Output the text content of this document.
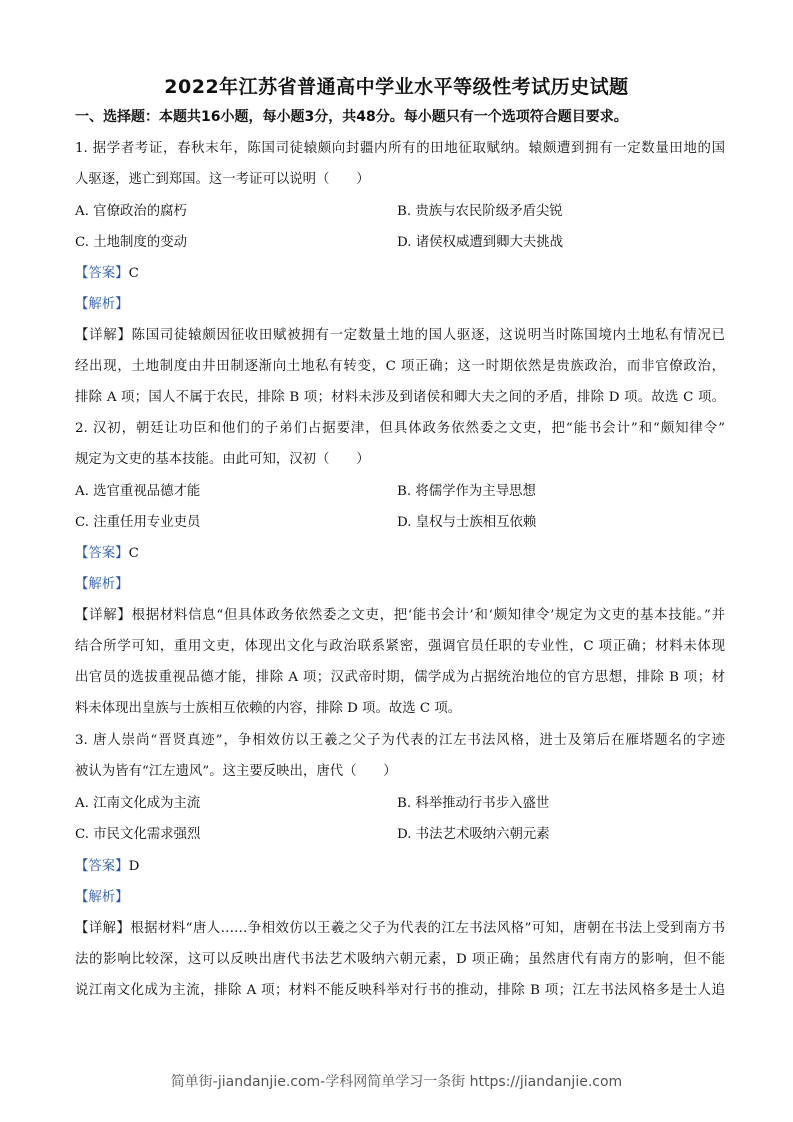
2022年江苏省普通高中学业水平等级性考试历史试题
一、选择题：本题共16小题，每小题3分，共48分。每小题只有一个选项符合题目要求。
1. 据学者考证，春秋末年，陈国司徒辕颇向封疆内所有的田地征取赋纳。辕颇遭到拥有一定数量田地的国
人驱逐，逃亡到郑国。这一考证可以说明（　　）
A. 官僚政治的腐朽	B. 贵族与农民阶级矛盾尖锐
C. 土地制度的变动	D. 诸侯权威遭到卿大夫挑战
【答案】C
【解析】
【详解】陈国司徒辕颇因征收田赋被拥有一定数量土地的国人驱逐，这说明当时陈国境内土地私有情况已
经出现，土地制度由井田制逐渐向土地私有转变，C 项正确；这一时期依然是贵族政治，而非官僚政治，
排除 A 项；国人不属于农民，排除 B 项；材料未涉及到诸侯和卿大夫之间的矛盾，排除 D 项。故选 C 项。
2. 汉初，朝廷让功臣和他们的子弟们占据要津，但具体政务依然委之文吏，把“能书会计”和“颇知律令”
规定为文吏的基本技能。由此可知，汉初（　　）
A. 选官重视品德才能	B. 将儒学作为主导思想
C. 注重任用专业吏员	D. 皇权与士族相互依赖
【答案】C
【解析】
【详解】根据材料信息“但具体政务依然委之文吏，把‘能书会计’和‘颇知律令’规定为文吏的基本技能。”并
结合所学可知，重用文吏，体现出文化与政治联系紧密，强调官员任职的专业性，C 项正确；材料未体现
出官员的选拔重视品德才能，排除 A 项；汉武帝时期，儒学成为占据统治地位的官方思想，排除 B 项；材
料未体现出皇族与士族相互依赖的内容，排除 D 项。故选 C 项。
3. 唐人崇尚“晋贤真迹”，争相效仿以王羲之父子为代表的江左书法风格，进士及第后在雁塔题名的字迹
被认为皆有“江左遗风”。这主要反映出，唐代（　　）
A. 江南文化成为主流	B. 科举推动行书步入盛世
C. 市民文化需求强烈	D. 书法艺术吸纳六朝元素
【答案】D
【解析】
【详解】根据材料“唐人……争相效仿以王羲之父子为代表的江左书法风格”可知，唐朝在书法上受到南方书
法的影响比较深，这可以反映出唐代书法艺术吸纳六朝元素，D 项正确；虽然唐代有南方的影响，但不能
说江南文化成为主流，排除 A 项；材料不能反映科举对行书的推动，排除 B 项；江左书法风格多是士人追
简单街-jiandanjie.com-学科网简单学习一条街 https://jiandanjie.com
